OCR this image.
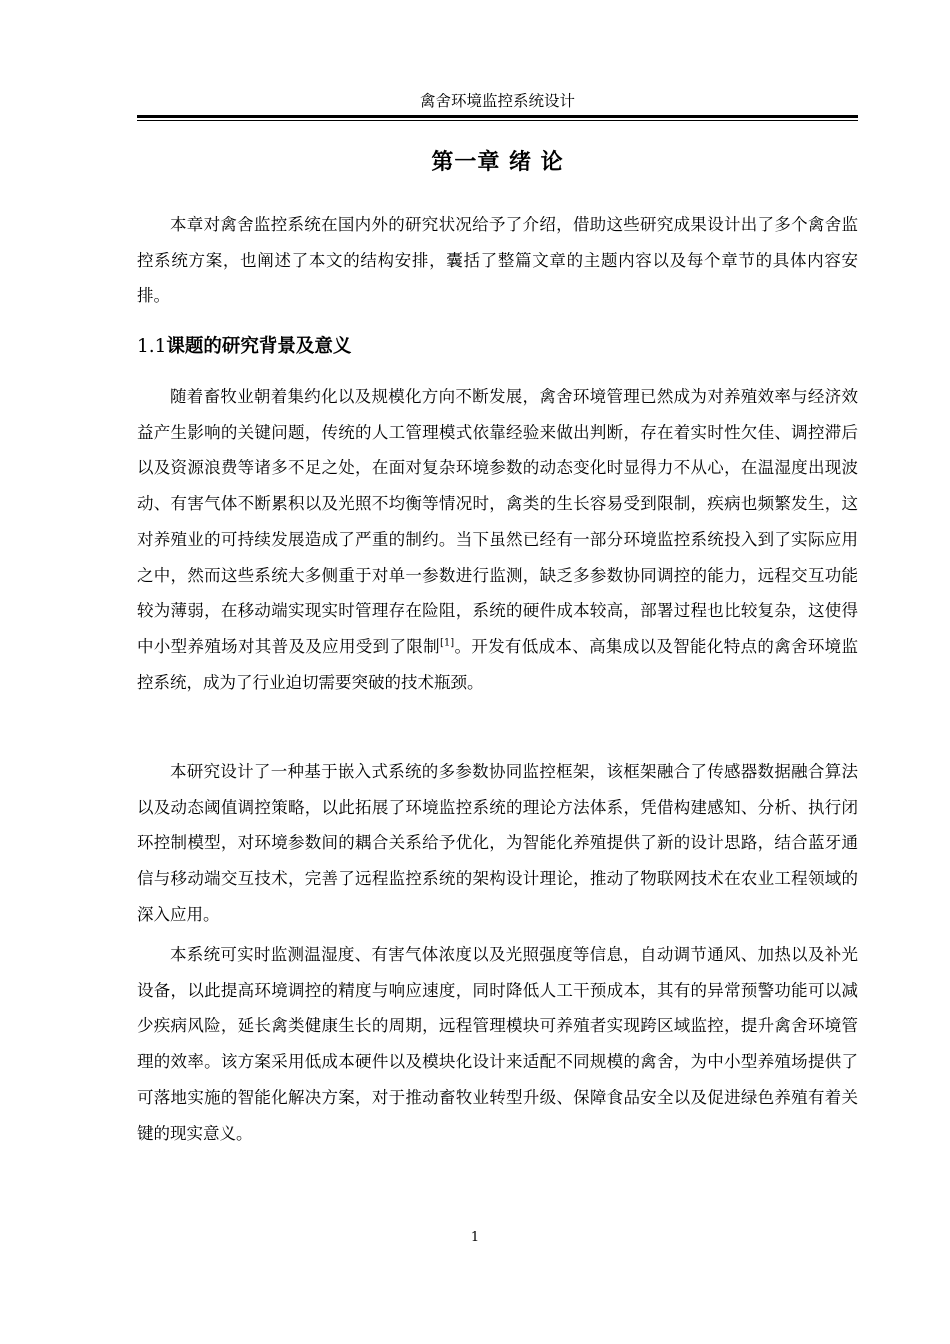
禽舍环境监控系统设计
第一章 绪 论

本章对禽舍监控系统在国内外的研究状况给予了介绍，借助这些研究成果设计出了多个禽舍监控系统方案，也阐述了本文的结构安排，囊括了整篇文章的主题内容以及每个章节的具体内容安排。

1.1课题的研究背景及意义

随着畜牧业朝着集约化以及规模化方向不断发展，禽舍环境管理已然成为对养殖效率与经济效益产生影响的关键问题，传统的人工管理模式依靠经验来做出判断，存在着实时性欠佳、调控滞后以及资源浪费等诸多不足之处，在面对复杂环境参数的动态变化时显得力不从心，在温湿度出现波动、有害气体不断累积以及光照不均衡等情况时，禽类的生长容易受到限制，疾病也频繁发生，这对养殖业的可持续发展造成了严重的制约。当下虽然已经有一部分环境监控系统投入到了实际应用之中，然而这些系统大多侧重于对单一参数进行监测，缺乏多参数协同调控的能力，远程交互功能较为薄弱，在移动端实现实时管理存在险阻，系统的硬件成本较高，部署过程也比较复杂，这使得中小型养殖场对其普及及应用受到了限制[1]。开发有低成本、高集成以及智能化特点的禽舍环境监控系统，成为了行业迫切需要突破的技术瓶颈。

本研究设计了一种基于嵌入式系统的多参数协同监控框架，该框架融合了传感器数据融合算法以及动态阈值调控策略，以此拓展了环境监控系统的理论方法体系，凭借构建感知、分析、执行闭环控制模型，对环境参数间的耦合关系给予优化，为智能化养殖提供了新的设计思路，结合蓝牙通信与移动端交互技术，完善了远程监控系统的架构设计理论，推动了物联网技术在农业工程领域的深入应用。

本系统可实时监测温湿度、有害气体浓度以及光照强度等信息，自动调节通风、加热以及补光设备，以此提高环境调控的精度与响应速度，同时降低人工干预成本，其有的异常预警功能可以减少疾病风险，延长禽类健康生长的周期，远程管理模块可养殖者实现跨区域监控，提升禽舍环境管理的效率。该方案采用低成本硬件以及模块化设计来适配不同规模的禽舍，为中小型养殖场提供了可落地实施的智能化解决方案，对于推动畜牧业转型升级、保障食品安全以及促进绿色养殖有着关键的现实意义。

1
